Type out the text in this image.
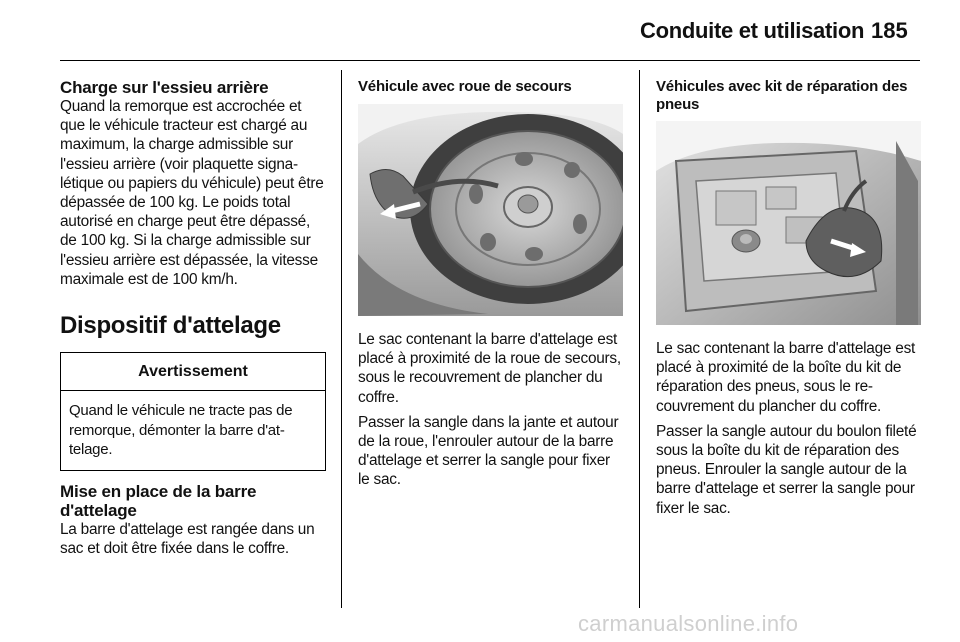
Conduite et utilisation 185
Charge sur l'essieu arrière
Quand la remorque est accrochée et que le véhicule tracteur est chargé au maximum, la charge admissible sur l'essieu arrière (voir plaquette signalétique ou papiers du véhicule) peut être dépassée de 100 kg. Le poids total autorisé en charge peut être dépassé, de 100 kg. Si la charge admissible sur l'essieu arrière est dépassée, la vitesse maximale est de 100 km/h.
Dispositif d'attelage
Avertissement
Quand le véhicule ne tracte pas de remorque, démonter la barre d'attelage.
Mise en place de la barre d'attelage
La barre d'attelage est rangée dans un sac et doit être fixée dans le coffre.
Véhicule avec roue de secours

Le sac contenant la barre d'attelage est placé à proximité de la roue de secours, sous le recouvrement de plancher du coffre.

Passer la sangle dans la jante et autour de la roue, l'enrouler autour de la barre d'attelage et serrer la sangle pour fixer le sac.

Véhicules avec kit de réparation des pneus

Le sac contenant la barre d'attelage est placé à proximité de la boîte du kit de réparation des pneus, sous le recouvrement du plancher du coffre.

Passer la sangle autour du boulon fileté sous la boîte du kit de réparation des pneus. Enrouler la sangle autour de la barre d'attelage et serrer la sangle pour fixer le sac.

carmanualsonline.info
